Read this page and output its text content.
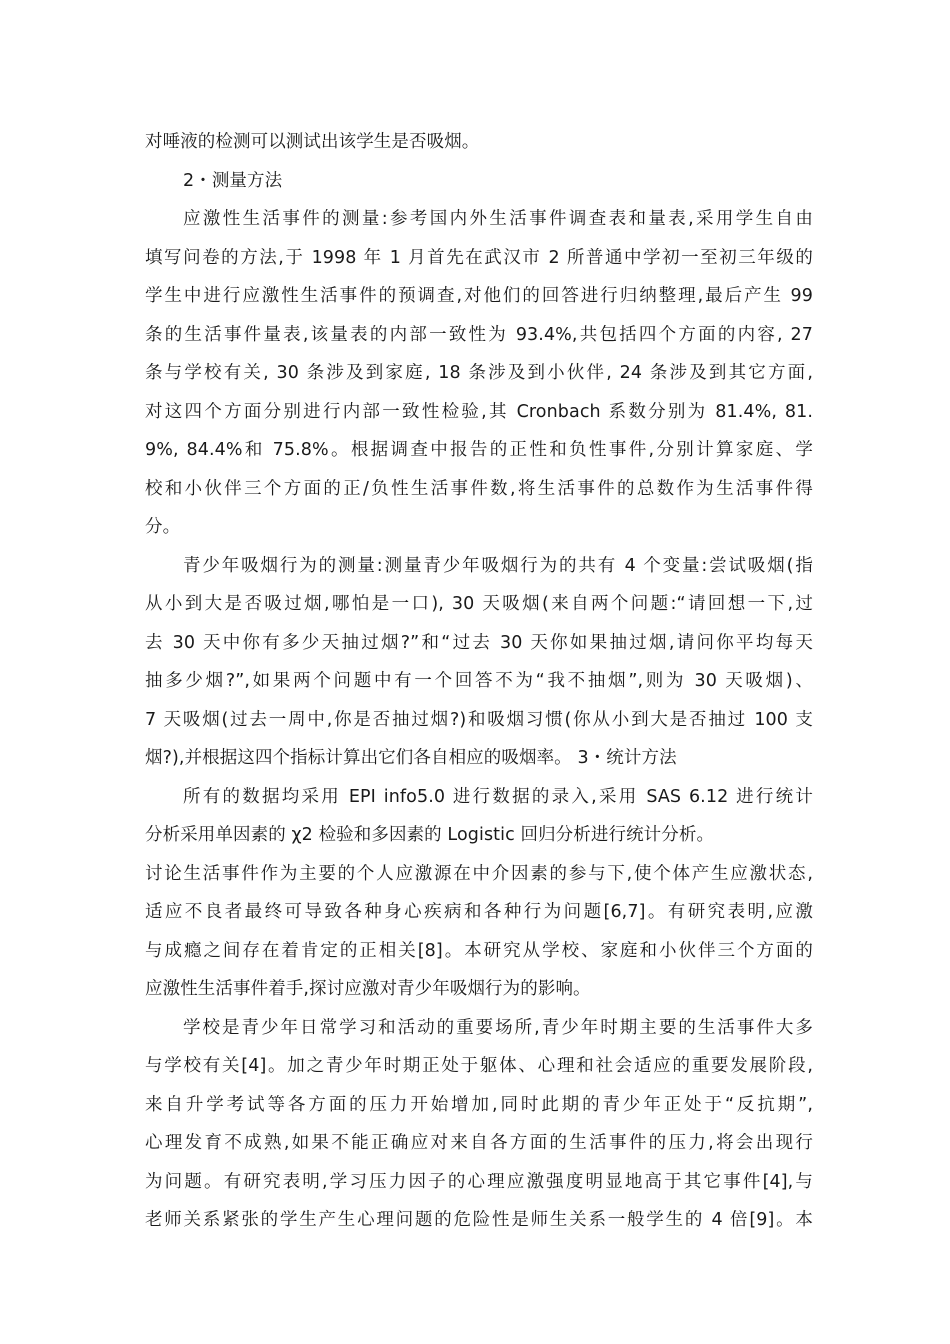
对唾液的检测可以测试出该学生是否吸烟。
2・测量方法
应激性生活事件的测量:参考国内外生活事件调查表和量表,采用学生自由
填写问卷的方法,于 1998 年 1 月首先在武汉市 2 所普通中学初一至初三年级的
学生中进行应激性生活事件的预调查,对他们的回答进行归纳整理,最后产生 99
条的生活事件量表,该量表的内部一致性为 93.4%,共包括四个方面的内容, 27
条与学校有关, 30 条涉及到家庭, 18 条涉及到小伙伴, 24 条涉及到其它方面,
对这四个方面分别进行内部一致性检验,其 Cronbach 系数分别为 81.4%, 81.
9%, 84.4%和 75.8%。根据调查中报告的正性和负性事件,分别计算家庭、学
校和小伙伴三个方面的正/负性生活事件数,将生活事件的总数作为生活事件得
分。
青少年吸烟行为的测量:测量青少年吸烟行为的共有 4 个变量:尝试吸烟(指
从小到大是否吸过烟,哪怕是一口), 30 天吸烟(来自两个问题:“请回想一下,过
去 30 天中你有多少天抽过烟?”和“过去 30 天你如果抽过烟,请问你平均每天
抽多少烟?”,如果两个问题中有一个回答不为“我不抽烟”,则为 30 天吸烟)、
7 天吸烟(过去一周中,你是否抽过烟?)和吸烟习惯(你从小到大是否抽过 100 支
烟?),并根据这四个指标计算出它们各自相应的吸烟率。 3・统计方法
所有的数据均采用 EPI info5.0 进行数据的录入,采用 SAS 6.12 进行统计
分析采用单因素的 χ2 检验和多因素的 Logistic 回归分析进行统计分析。
讨论生活事件作为主要的个人应激源在中介因素的参与下,使个体产生应激状态,
适应不良者最终可导致各种身心疾病和各种行为问题[6,7]。有研究表明,应激
与成瘾之间存在着肯定的正相关[8]。本研究从学校、家庭和小伙伴三个方面的
应激性生活事件着手,探讨应激对青少年吸烟行为的影响。
学校是青少年日常学习和活动的重要场所,青少年时期主要的生活事件大多
与学校有关[4]。加之青少年时期正处于躯体、心理和社会适应的重要发展阶段,
来自升学考试等各方面的压力开始增加,同时此期的青少年正处于“反抗期”,
心理发育不成熟,如果不能正确应对来自各方面的生活事件的压力,将会出现行
为问题。有研究表明,学习压力因子的心理应激强度明显地高于其它事件[4],与
老师关系紧张的学生产生心理问题的危险性是师生关系一般学生的 4 倍[9]。本
